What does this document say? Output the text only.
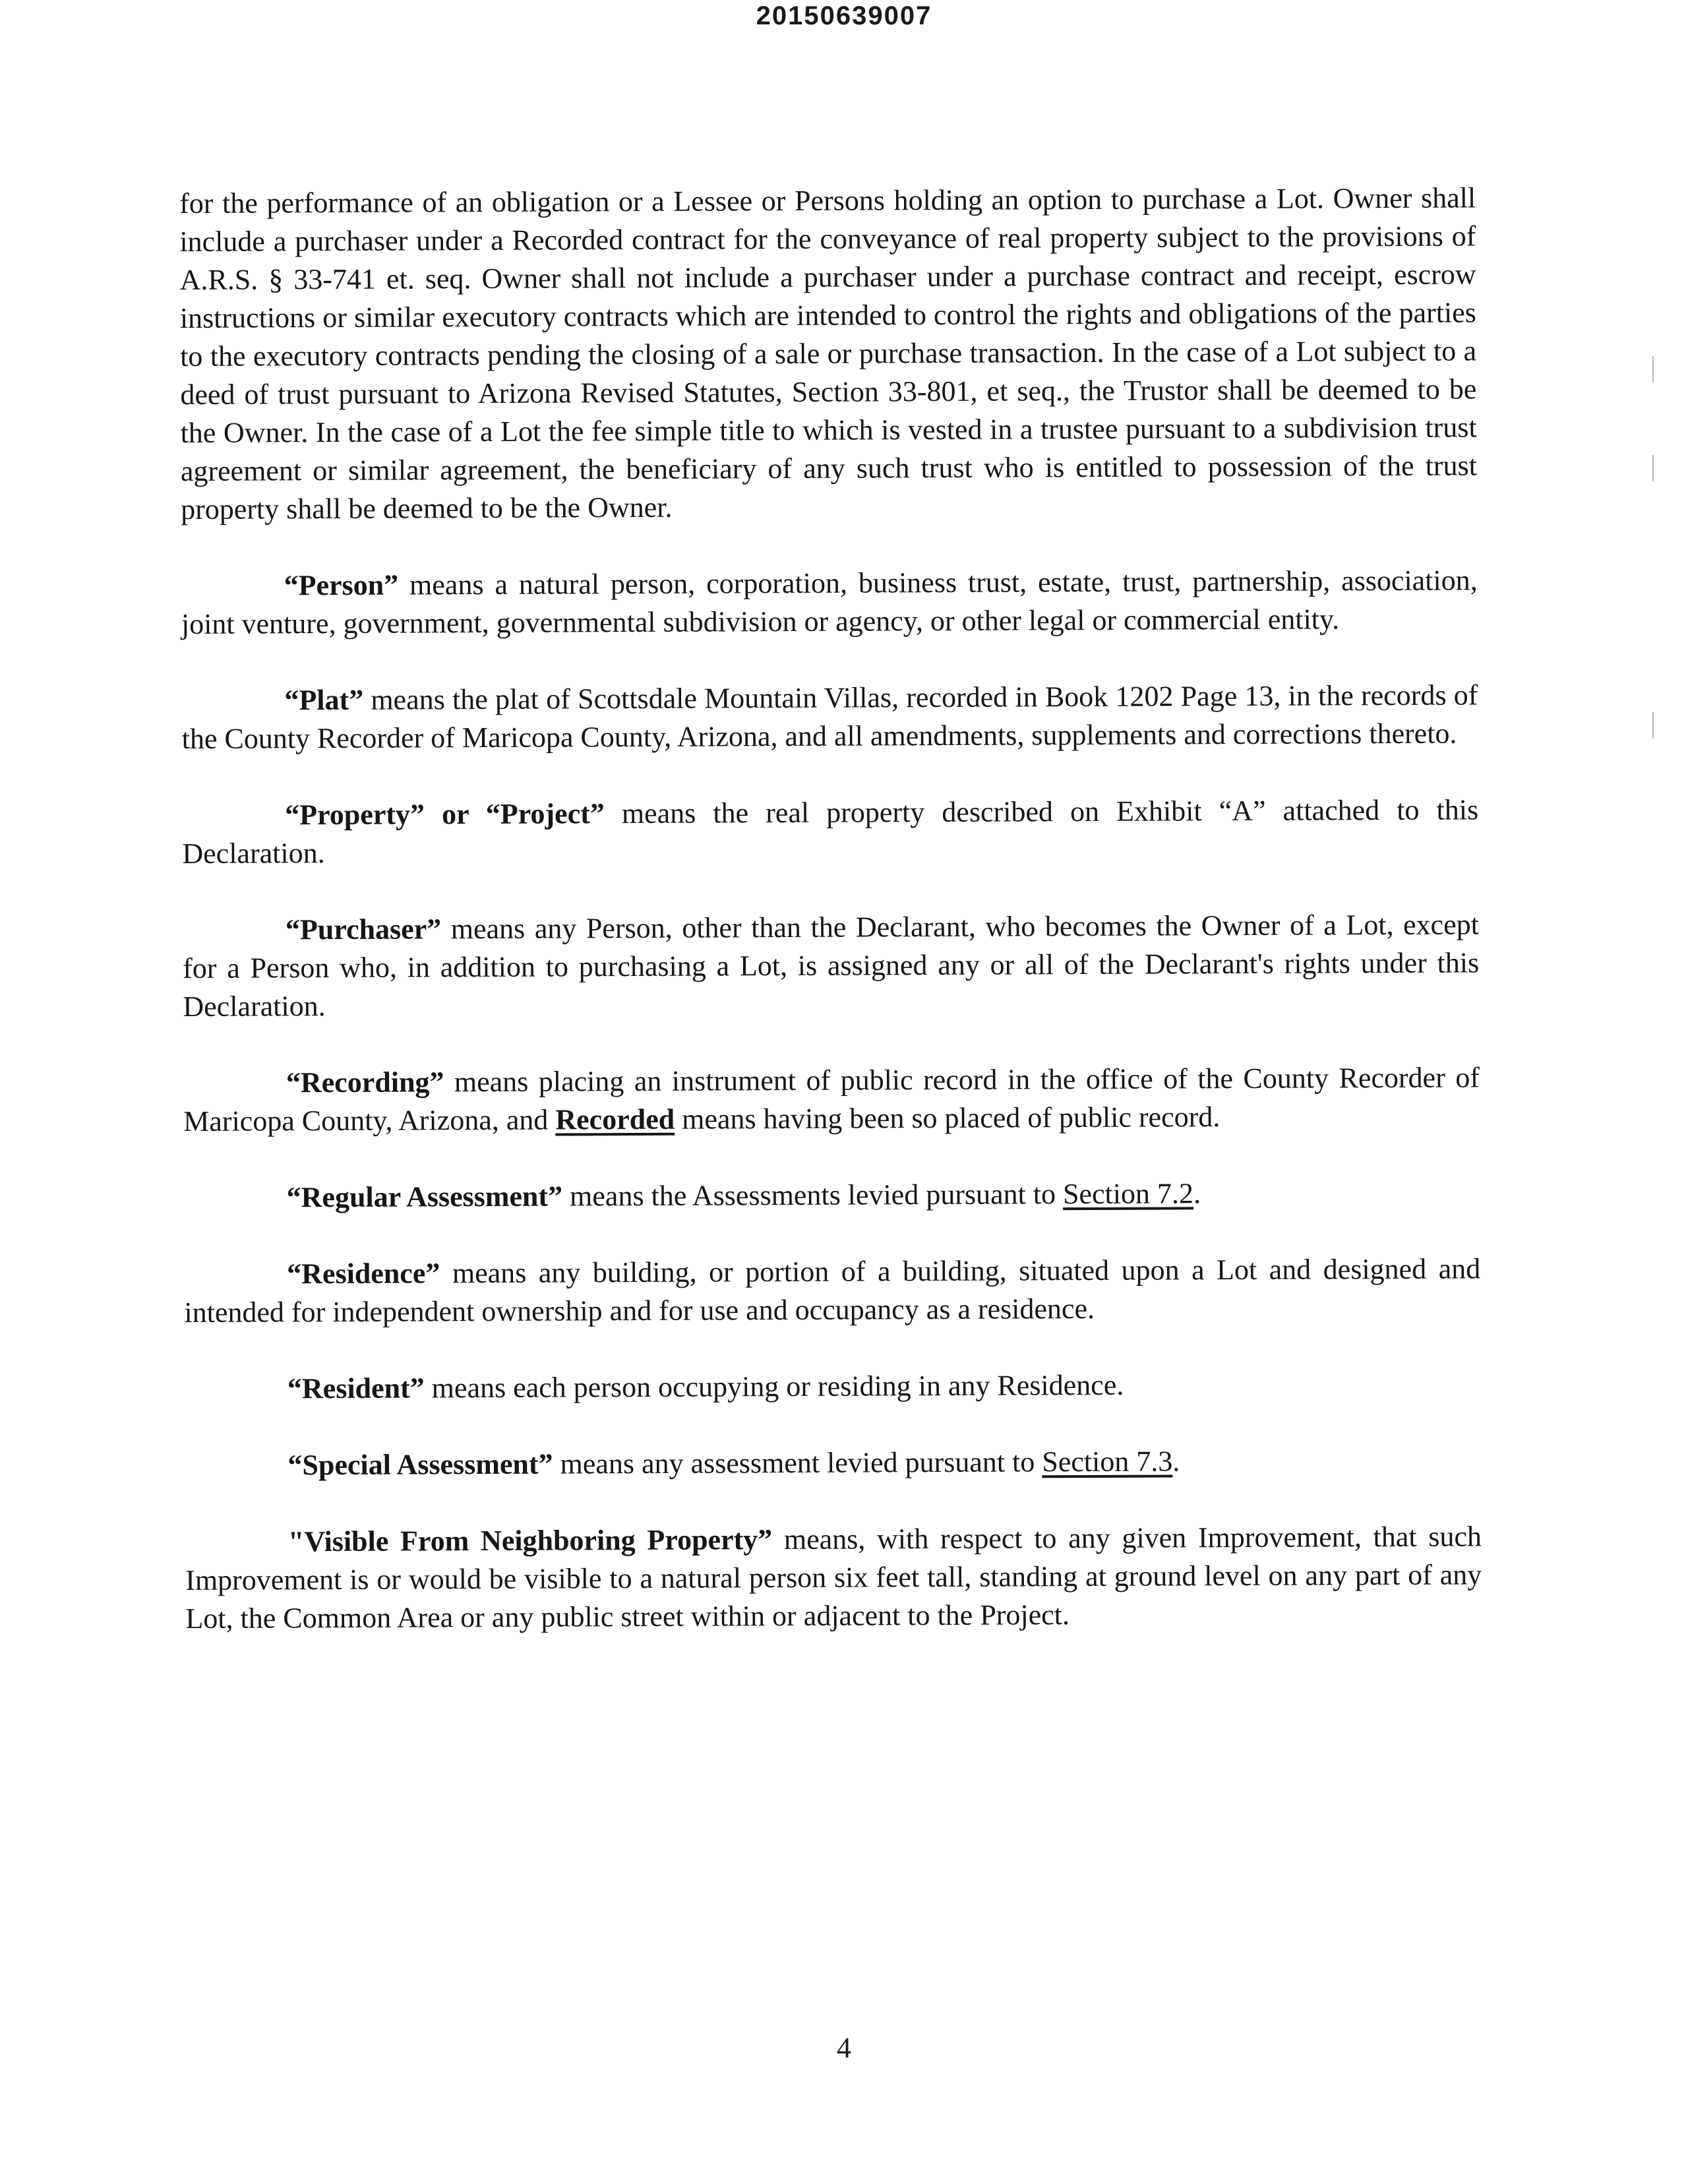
20150639007

for the performance of an obligation or a Lessee or Persons holding an option to purchase a Lot. Owner shall include a purchaser under a Recorded contract for the conveyance of real property subject to the provisions of A.R.S. § 33-741 et. seq. Owner shall not include a purchaser under a purchase contract and receipt, escrow instructions or similar executory contracts which are intended to control the rights and obligations of the parties to the executory contracts pending the closing of a sale or purchase transaction. In the case of a Lot subject to a deed of trust pursuant to Arizona Revised Statutes, Section 33-801, et seq., the Trustor shall be deemed to be the Owner. In the case of a Lot the fee simple title to which is vested in a trustee pursuant to a subdivision trust agreement or similar agreement, the beneficiary of any such trust who is entitled to possession of the trust property shall be deemed to be the Owner.

“Person” means a natural person, corporation, business trust, estate, trust, partnership, association, joint venture, government, governmental subdivision or agency, or other legal or commercial entity.

“Plat” means the plat of Scottsdale Mountain Villas, recorded in Book 1202 Page 13, in the records of the County Recorder of Maricopa County, Arizona, and all amendments, supplements and corrections thereto.

“Property” or “Project” means the real property described on Exhibit “A” attached to this Declaration.

“Purchaser” means any Person, other than the Declarant, who becomes the Owner of a Lot, except for a Person who, in addition to purchasing a Lot, is assigned any or all of the Declarant's rights under this Declaration.

“Recording” means placing an instrument of public record in the office of the County Recorder of Maricopa County, Arizona, and Recorded means having been so placed of public record.

“Regular Assessment” means the Assessments levied pursuant to Section 7.2.

“Residence” means any building, or portion of a building, situated upon a Lot and designed and intended for independent ownership and for use and occupancy as a residence.

“Resident” means each person occupying or residing in any Residence.

“Special Assessment” means any assessment levied pursuant to Section 7.3.

"Visible From Neighboring Property” means, with respect to any given Improvement, that such Improvement is or would be visible to a natural person six feet tall, standing at ground level on any part of any Lot, the Common Area or any public street within or adjacent to the Project.

4
